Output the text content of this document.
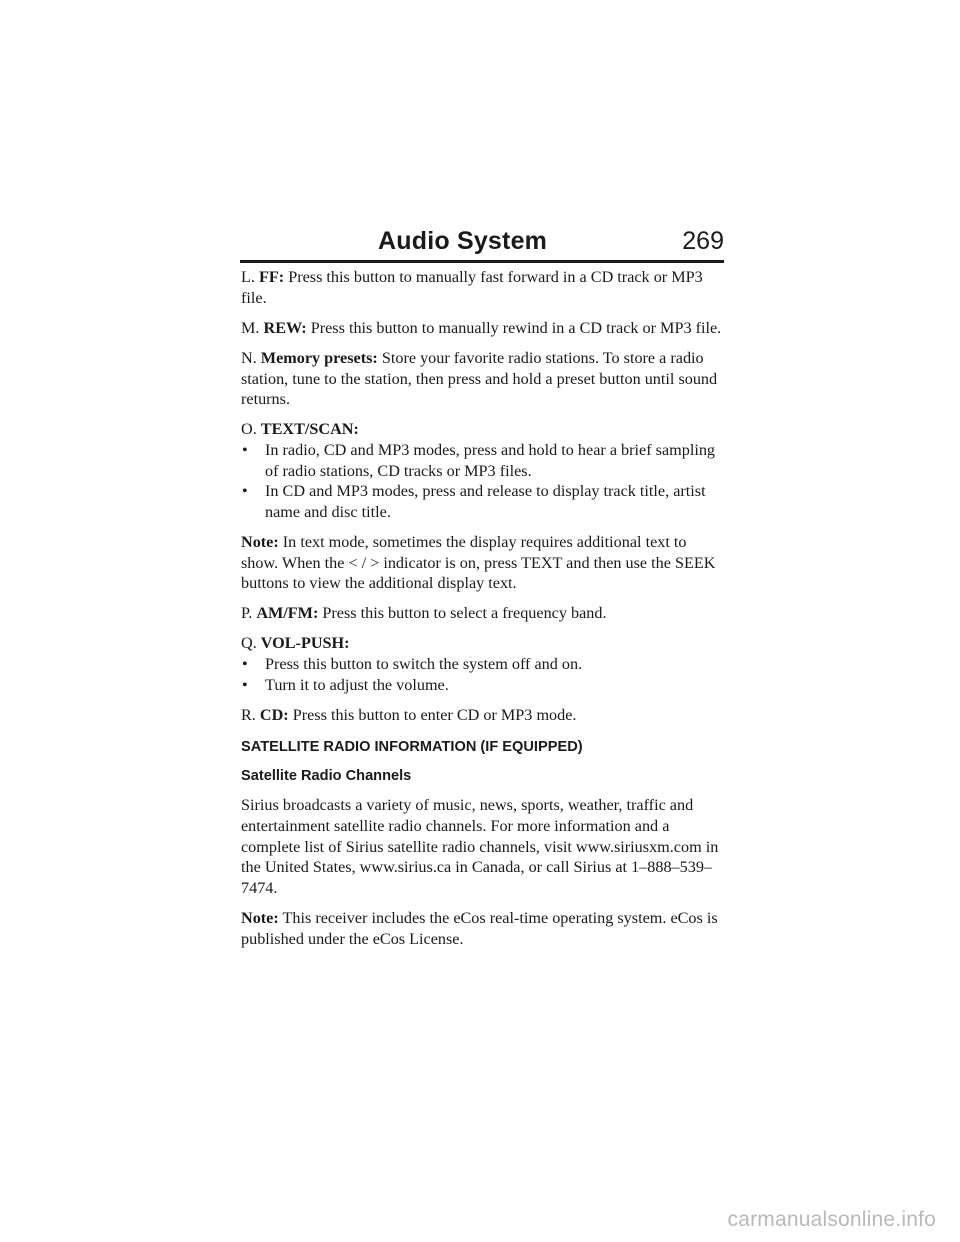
Audio System	269

L. FF: Press this button to manually fast forward in a CD track or MP3 file.

M. REW: Press this button to manually rewind in a CD track or MP3 file.

N. Memory presets: Store your favorite radio stations. To store a radio station, tune to the station, then press and hold a preset button until sound returns.

O. TEXT/SCAN:

• In radio, CD and MP3 modes, press and hold to hear a brief sampling of radio stations, CD tracks or MP3 files.
• In CD and MP3 modes, press and release to display track title, artist name and disc title.

Note: In text mode, sometimes the display requires additional text to show. When the < / > indicator is on, press TEXT and then use the SEEK buttons to view the additional display text.

P. AM/FM: Press this button to select a frequency band.

Q. VOL-PUSH:

• Press this button to switch the system off and on.
• Turn it to adjust the volume.

R. CD: Press this button to enter CD or MP3 mode.

SATELLITE RADIO INFORMATION (IF EQUIPPED)
Satellite Radio Channels

Sirius broadcasts a variety of music, news, sports, weather, traffic and entertainment satellite radio channels. For more information and a complete list of Sirius satellite radio channels, visit www.siriusxm.com in the United States, www.sirius.ca in Canada, or call Sirius at 1–888–539–7474.

Note: This receiver includes the eCos real-time operating system. eCos is published under the eCos License.

carmanualsonline.info
